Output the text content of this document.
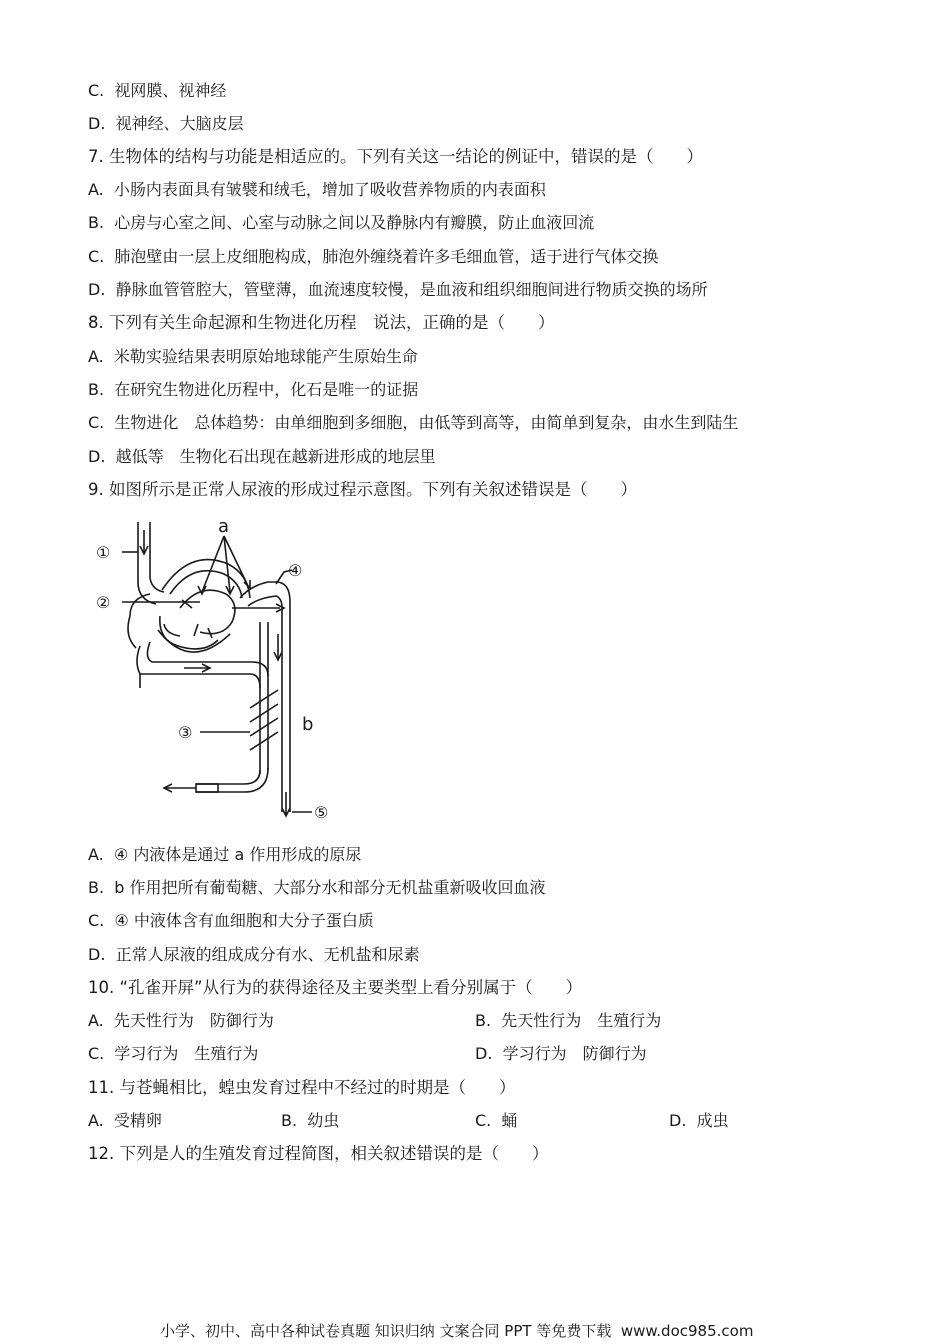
C.  视网膜、视神经
D.  视神经、大脑皮层
7. 生物体的结构与功能是相适应的。下列有关这一结论的例证中，错误的是（　　）
A.  小肠内表面具有皱襞和绒毛，增加了吸收营养物质的内表面积
B.  心房与心室之间、心室与动脉之间以及静脉内有瓣膜，防止血液回流
C.  肺泡壁由一层上皮细胞构成，肺泡外缠绕着许多毛细血管，适于进行气体交换
D.  静脉血管管腔大，管壁薄，血流速度较慢，是血液和组织细胞间进行物质交换的场所
8. 下列有关生命起源和生物进化历程　说法，正确的是（　　）
A.  米勒实验结果表明原始地球能产生原始生命
B.  在研究生物进化历程中，化石是唯一的证据
C.  生物进化　总体趋势：由单细胞到多细胞，由低等到高等，由简单到复杂，由水生到陆生
D.  越低等　生物化石出现在越新进形成的地层里
9. 如图所示是正常人尿液的形成过程示意图。下列有关叙述错误是（　　）
①
②
③
④
⑤
a
b
A.  ④ 内液体是通过 a 作用形成的原尿
B.  b 作用把所有葡萄糖、大部分水和部分无机盐重新吸收回血液
C.  ④ 中液体含有血细胞和大分子蛋白质
D.  正常人尿液的组成成分有水、无机盐和尿素
10. “孔雀开屏”从行为的获得途径及主要类型上看分别属于（　　）
A.  先天性行为　防御行为	B.  先天性行为　生殖行为
C.  学习行为　生殖行为	D.  学习行为　防御行为
11. 与苍蝇相比，蝗虫发育过程中不经过的时期是（　　）
A.  受精卵	B.  幼虫	C.  蛹	D.  成虫
12. 下列是人的生殖发育过程简图，相关叙述错误的是（　　）
小学、初中、高中各种试卷真题 知识归纳 文案合同 PPT 等免费下载  www.doc985.com
